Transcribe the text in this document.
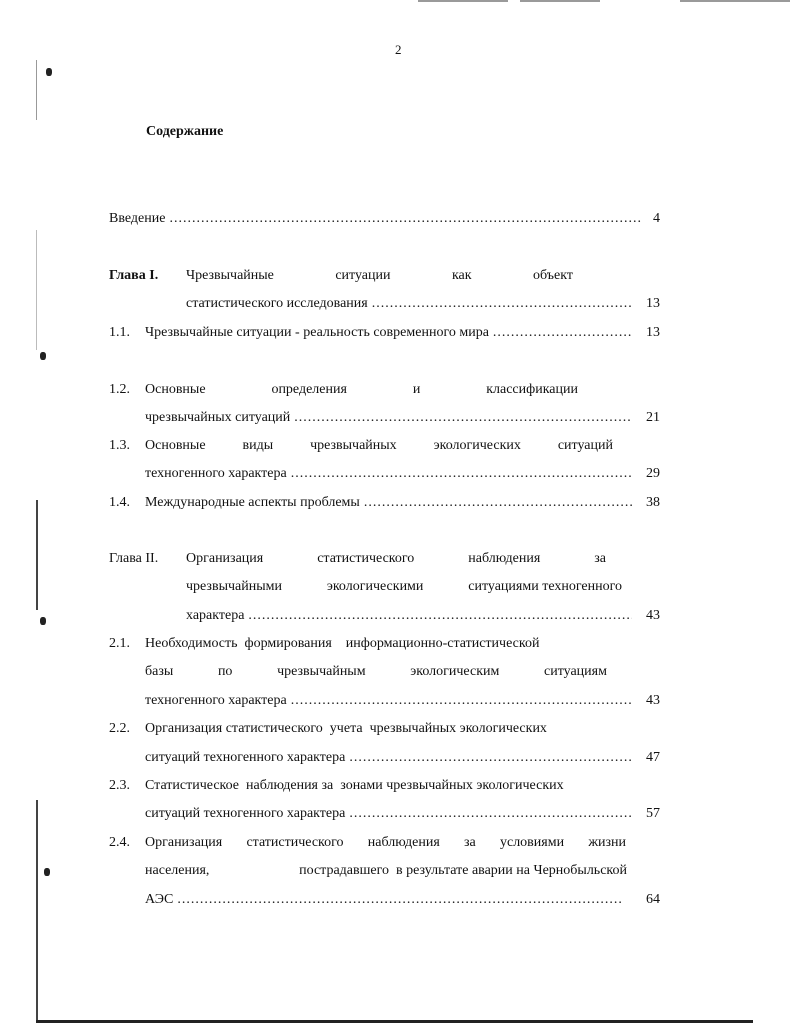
2
Содержание
Введение .....	4
Глава I. Чрезвычайные	ситуации	как	объект
статистического исследования .....	13
1.1. Чрезвычайные ситуации - реальность современного мира .....	13
1.2. Основные	определения	и	классификации
чрезвычайных ситуаций .....	21
1.3. Основные	виды	чрезвычайных	экологических	ситуаций
техногенного характера .....	29
1.4. Международные аспекты проблемы .....	38
Глава II. Организация	статистического	наблюдения	за
чрезвычайными	экологическими	ситуациями техногенного
характера .....	43
2.1. Необходимость  формирования    информационно-статистической
базы	по	чрезвычайным	экологическим	ситуациям
техногенного характера .....	43
2.2. Организация статистического  учета  чрезвычайных экологических
ситуаций техногенного характера .....	47
2.3. Статистическое  наблюдения за  зонами чрезвычайных экологических
ситуаций техногенного характера .....	57
2.4. Организация статистического наблюдения за условиями жизни
населения,	пострадавшего  в результате аварии на Чернобыльской
АЭС .....	64
